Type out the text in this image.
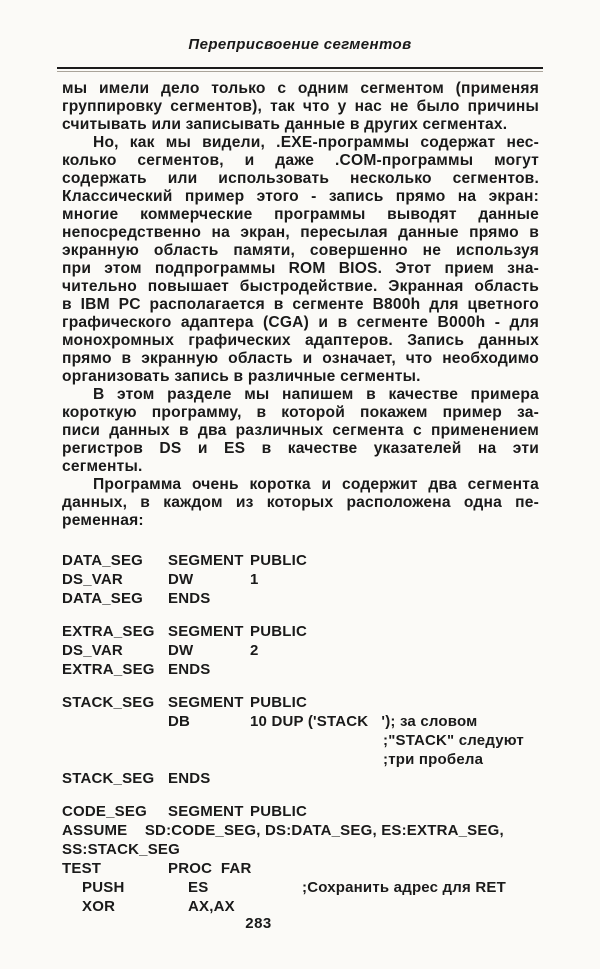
Переприсвоение сегментов
мы имели дело только с одним сегментом (применяя
группировку сегментов), так что у нас не было причины
считывать или записывать данные в других сегментах.
Но, как мы видели, .EXE-программы содержат нес-
колько сегментов, и даже .COM-программы могут
содержать или использовать несколько сегментов.
Классический пример этого - запись прямо на экран:
многие коммерческие программы выводят данные
непосредственно на экран, пересылая данные прямо в
экранную область памяти, совершенно не используя
при этом подпрограммы ROM BIOS. Этот прием зна-
чительно повышает быстродействие. Экранная область
в IBM PC располагается в сегменте B800h для цветного
графического адаптера (CGA) и в сегменте B000h - для
монохромных графических адаптеров. Запись данных
прямо в экранную область и означает, что необходимо
организовать запись в различные сегменты.
В этом разделе мы напишем в качестве примера
короткую программу, в которой покажем пример за-
писи данных в два различных сегмента с применением
регистров DS и ES в качестве указателей на эти
сегменты.
Программа очень коротка и содержит два сегмента
данных, в каждом из которых расположена одна пе-
ременная:
DATA_SEG	SEGMENT PUBLIC
DS_VAR	DW	1
DATA_SEG	ENDS
EXTRA_SEG SEGMENT PUBLIC
DS_VAR	DW	2
EXTRA_SEG ENDS
STACK_SEG SEGMENT PUBLIC
DB	10 DUP ('STACK   ') ; за словом
;"STACK" следуют
;три пробела
STACK_SEG ENDS
CODE_SEG	SEGMENT PUBLIC
ASSUME    SD:CODE_SEG, DS:DATA_SEG, ES:EXTRA_SEG,
SS:STACK_SEG
TEST	PROC  FAR
PUSH	ES	;Сохранить адрес для RET
XOR	AX,AX
283
